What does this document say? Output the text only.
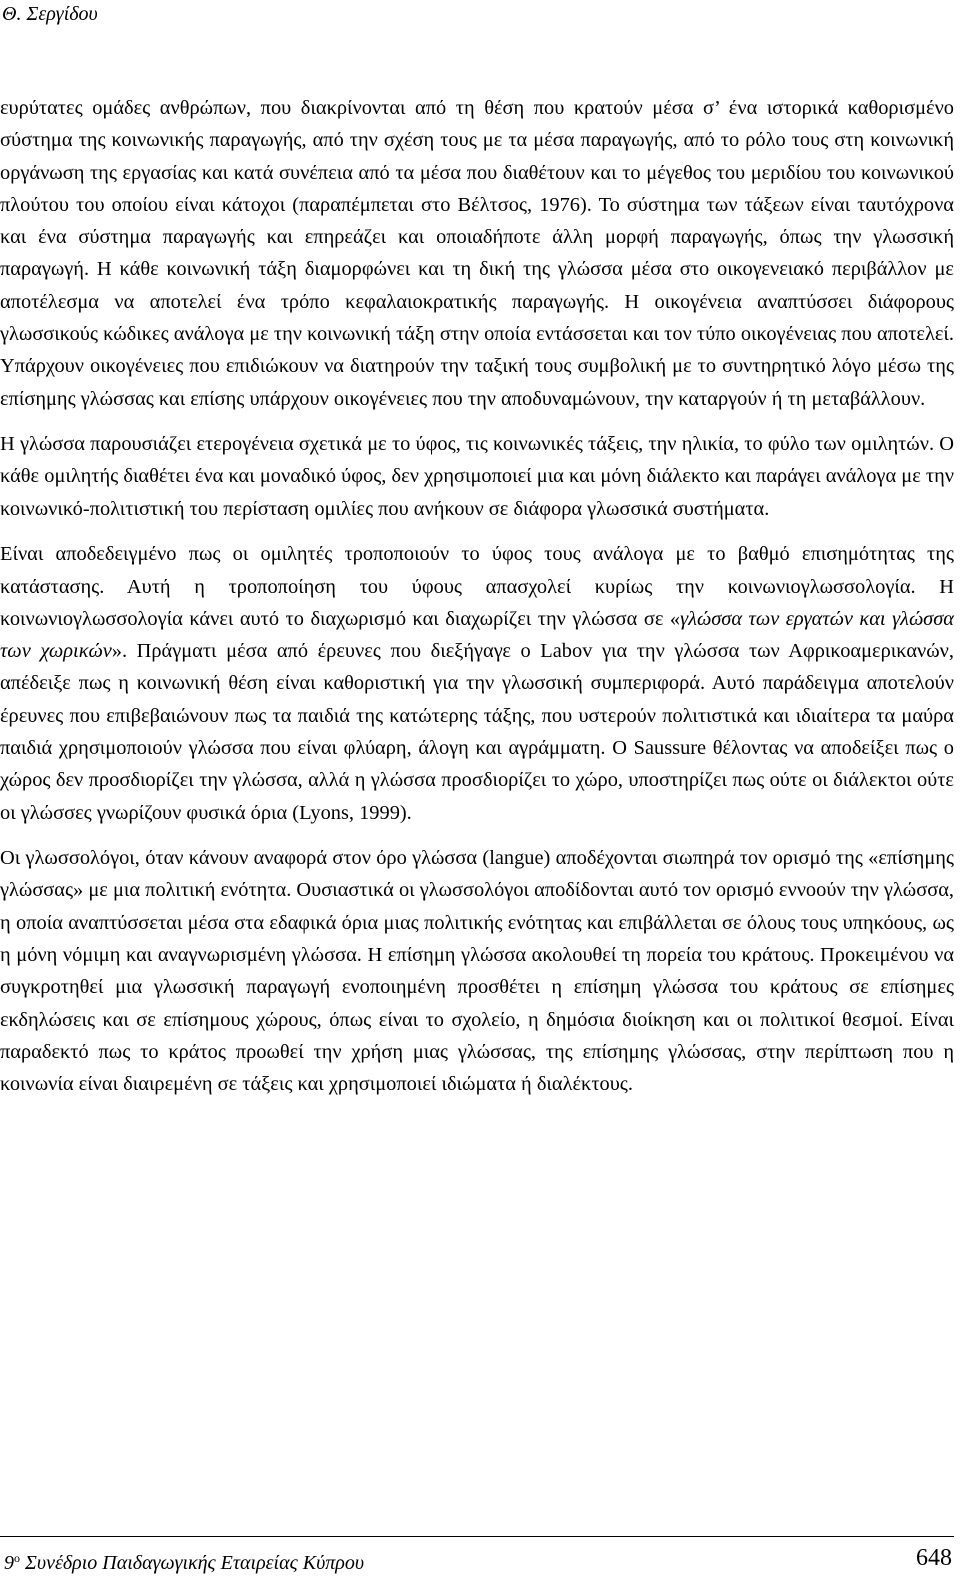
Θ. Σεργίδου

ευρύτατες ομάδες ανθρώπων, που διακρίνονται από τη θέση που κρατούν μέσα σ’ ένα ιστορικά καθορισμένο σύστημα της κοινωνικής παραγωγής, από την σχέση τους με τα μέσα παραγωγής, από το ρόλο τους στη κοινωνική οργάνωση της εργασίας και κατά συνέπεια από τα μέσα που διαθέτουν και το μέγεθος του μεριδίου του κοινωνικού πλούτου του οποίου είναι κάτοχοι (παραπέμπεται στο Βέλτσος, 1976). Το σύστημα των τάξεων είναι ταυτόχρονα και ένα σύστημα παραγωγής και επηρεάζει και οποιαδήποτε άλλη μορφή παραγωγής, όπως την γλωσσική παραγωγή. Η κάθε κοινωνική τάξη διαμορφώνει και τη δική της γλώσσα μέσα στο οικογενειακό περιβάλλον με αποτέλεσμα να αποτελεί ένα τρόπο κεφαλαιοκρατικής παραγωγής. Η οικογένεια αναπτύσσει διάφορους γλωσσικούς κώδικες ανάλογα με την κοινωνική τάξη στην οποία εντάσσεται και τον τύπο οικογένειας που αποτελεί. Υπάρχουν οικογένειες που επιδιώκουν να διατηρούν την ταξική τους συμβολική με το συντηρητικό λόγο μέσω της επίσημης γλώσσας και επίσης υπάρχουν οικογένειες που την αποδυναμώνουν, την καταργούν ή τη μεταβάλλουν.

Η γλώσσα παρουσιάζει ετερογένεια σχετικά με το ύφος, τις κοινωνικές τάξεις, την ηλικία, το φύλο των ομιλητών. Ο κάθε ομιλητής διαθέτει ένα και μοναδικό ύφος, δεν χρησιμοποιεί μια και μόνη διάλεκτο και παράγει ανάλογα με την κοινωνικό-πολιτιστική του περίσταση ομιλίες που ανήκουν σε διάφορα γλωσσικά συστήματα.

Είναι αποδεδειγμένο πως οι ομιλητές τροποποιούν το ύφος τους ανάλογα με το βαθμό επισημότητας της κατάστασης. Αυτή η τροποποίηση του ύφους απασχολεί κυρίως την κοινωνιογλωσσολογία. Η κοινωνιογλωσσολογία κάνει αυτό το διαχωρισμό και διαχωρίζει την γλώσσα σε «γλώσσα των εργατών και γλώσσα των χωρικών». Πράγματι μέσα από έρευνες που διεξήγαγε ο Labov για την γλώσσα των Αφρικοαμερικανών, απέδειξε πως η κοινωνική θέση είναι καθοριστική για την γλωσσική συμπεριφορά. Αυτό παράδειγμα αποτελούν έρευνες που επιβεβαιώνουν πως τα παιδιά της κατώτερης τάξης, που υστερούν πολιτιστικά και ιδιαίτερα τα μαύρα παιδιά χρησιμοποιούν γλώσσα που είναι φλύαρη, άλογη και αγράμματη. Ο Saussure θέλοντας να αποδείξει πως ο χώρος δεν προσδιορίζει την γλώσσα, αλλά η γλώσσα προσδιορίζει το χώρο, υποστηρίζει πως ούτε οι διάλεκτοι ούτε οι γλώσσες γνωρίζουν φυσικά όρια (Lyons, 1999).

Οι γλωσσολόγοι, όταν κάνουν αναφορά στον όρο γλώσσα (langue) αποδέχονται σιωπηρά τον ορισμό της «επίσημης γλώσσας» με μια πολιτική ενότητα. Ουσιαστικά οι γλωσσολόγοι αποδίδονται αυτό τον ορισμό εννοούν την γλώσσα, η οποία αναπτύσσεται μέσα στα εδαφικά όρια μιας πολιτικής ενότητας και επιβάλλεται σε όλους τους υπηκόους, ως η μόνη νόμιμη και αναγνωρισμένη γλώσσα. Η επίσημη γλώσσα ακολουθεί τη πορεία του κράτους. Προκειμένου να συγκροτηθεί μια γλωσσική παραγωγή ενοποιημένη προσθέτει η επίσημη γλώσσα του κράτους σε επίσημες εκδηλώσεις και σε επίσημους χώρους, όπως είναι το σχολείο, η δημόσια διοίκηση και οι πολιτικοί θεσμοί. Είναι παραδεκτό πως το κράτος προωθεί την χρήση μιας γλώσσας, της επίσημης γλώσσας, στην περίπτωση που η κοινωνία είναι διαιρεμένη σε τάξεις και χρησιμοποιεί ιδιώματα ή διαλέκτους.

$9^o$ Συνέδριο Παιδαγωγικής Εταιρείας Κύπρου	648
